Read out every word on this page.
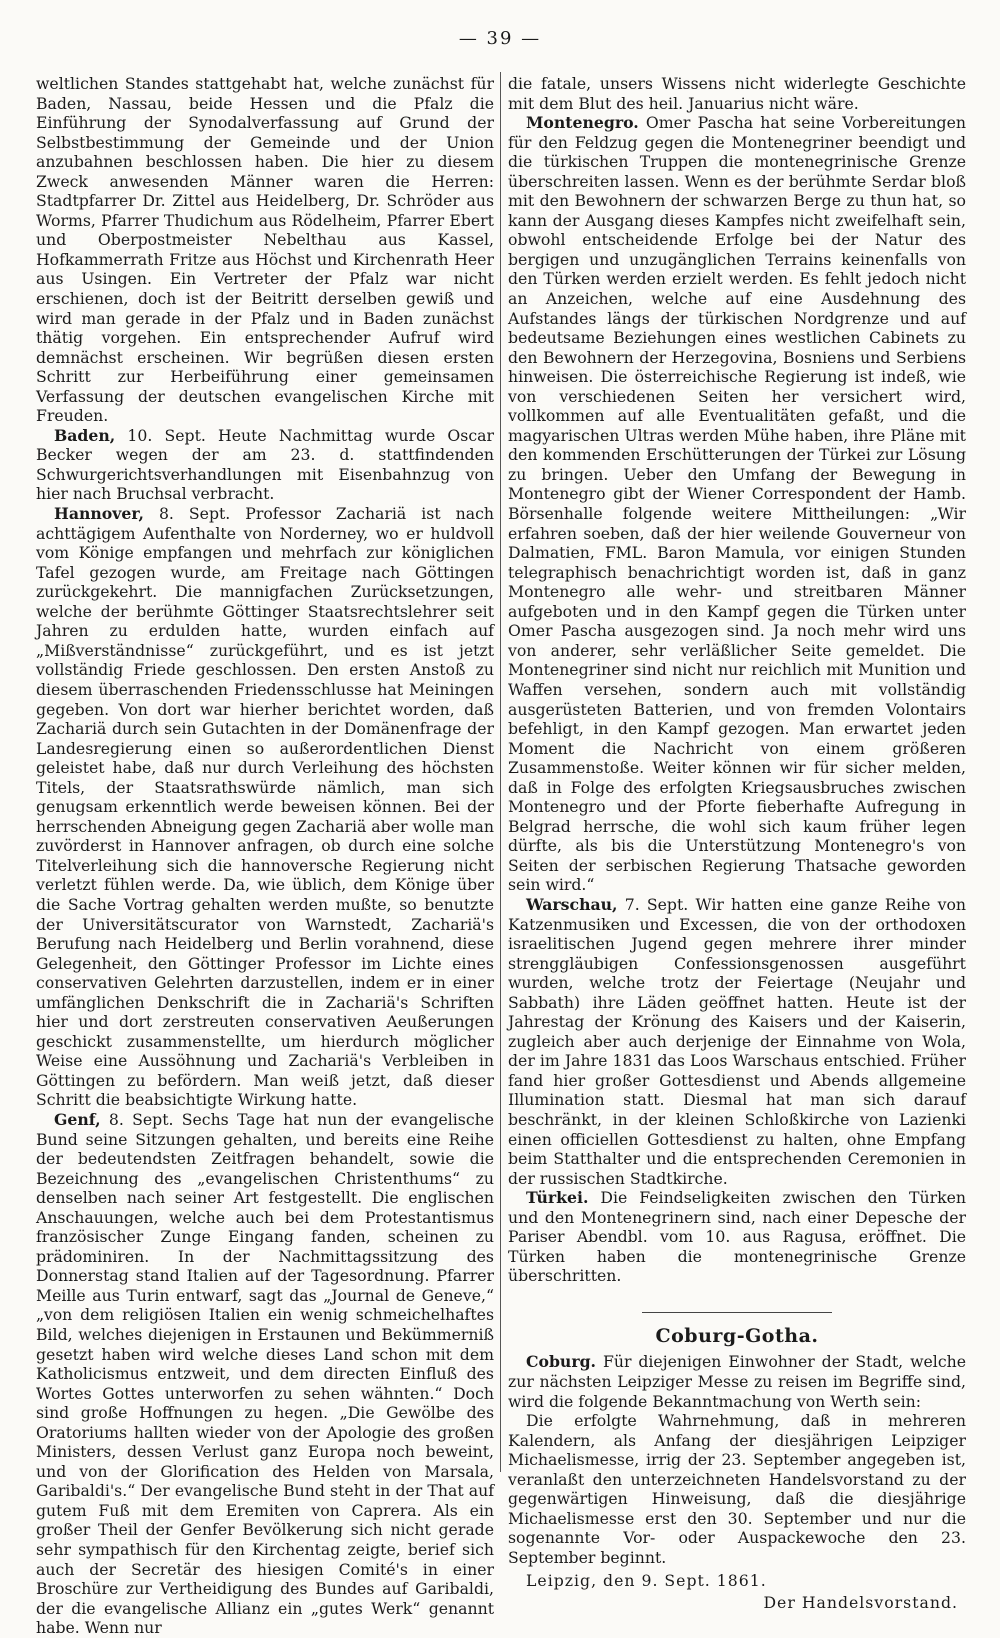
— 39 —

weltlichen Standes stattgehabt hat, welche zunächst für Baden, Nassau, beide Hessen und die Pfalz die Einführung der Synodalverfassung auf Grund der Selbstbestimmung der Gemeinde und der Union anzubahnen beschlossen haben. Die hier zu diesem Zweck anwesenden Männer waren die Herren: Stadtpfarrer Dr. Zittel aus Heidelberg, Dr. Schröder aus Worms, Pfarrer Thudichum aus Rödelheim, Pfarrer Ebert und Oberpostmeister Nebelthau aus Kassel, Hofkammerrath Fritze aus Höchst und Kirchenrath Heer aus Usingen. Ein Vertreter der Pfalz war nicht erschienen, doch ist der Beitritt derselben gewiß und wird man gerade in der Pfalz und in Baden zunächst thätig vorgehen. Ein entsprechender Aufruf wird demnächst erscheinen. Wir begrüßen diesen ersten Schritt zur Herbeiführung einer gemeinsamen Verfassung der deutschen evangelischen Kirche mit Freuden.

Baden, 10. Sept. Heute Nachmittag wurde Oscar Becker wegen der am 23. d. stattfindenden Schwurgerichtsverhandlungen mit Eisenbahnzug von hier nach Bruchsal verbracht.

Hannover, 8. Sept. Professor Zachariä ist nach achttägigem Aufenthalte von Norderney, wo er huldvoll vom Könige empfangen und mehrfach zur königlichen Tafel gezogen wurde, am Freitage nach Göttingen zurückgekehrt. Die mannigfachen Zurücksetzungen, welche der berühmte Göttinger Staatsrechtslehrer seit Jahren zu erdulden hatte, wurden einfach auf „Mißverständnisse“ zurückgeführt, und es ist jetzt vollständig Friede geschlossen. Den ersten Anstoß zu diesem überraschenden Friedensschlusse hat Meiningen gegeben. Von dort war hierher berichtet worden, daß Zachariä durch sein Gutachten in der Domänenfrage der Landesregierung einen so außerordentlichen Dienst geleistet habe, daß nur durch Verleihung des höchsten Titels, der Staatsrathswürde nämlich, man sich genugsam erkenntlich werde beweisen können. Bei der herrschenden Abneigung gegen Zachariä aber wolle man zuvörderst in Hannover anfragen, ob durch eine solche Titelverleihung sich die hannoversche Regierung nicht verletzt fühlen werde. Da, wie üblich, dem Könige über die Sache Vortrag gehalten werden mußte, so benutzte der Universitätscurator von Warnstedt, Zachariä's Berufung nach Heidelberg und Berlin vorahnend, diese Gelegenheit, den Göttinger Professor im Lichte eines conservativen Gelehrten darzustellen, indem er in einer umfänglichen Denkschrift die in Zachariä's Schriften hier und dort zerstreuten conservativen Aeußerungen geschickt zusammenstellte, um hierdurch möglicher Weise eine Aussöhnung und Zachariä's Verbleiben in Göttingen zu befördern. Man weiß jetzt, daß dieser Schritt die beabsichtigte Wirkung hatte.

Genf, 8. Sept. Sechs Tage hat nun der evangelische Bund seine Sitzungen gehalten, und bereits eine Reihe der bedeutendsten Zeitfragen behandelt, sowie die Bezeichnung des „evangelischen Christenthums“ zu denselben nach seiner Art festgestellt. Die englischen Anschauungen, welche auch bei dem Protestantismus französischer Zunge Eingang fanden, scheinen zu prädominiren. In der Nachmittagssitzung des Donnerstag stand Italien auf der Tagesordnung. Pfarrer Meille aus Turin entwarf, sagt das „Journal de Geneve,“ „von dem religiösen Italien ein wenig schmeichelhaftes Bild, welches diejenigen in Erstaunen und Bekümmerniß gesetzt haben wird welche dieses Land schon mit dem Katholicismus entzweit, und dem directen Einfluß des Wortes Gottes unterworfen zu sehen wähnten.“ Doch sind große Hoffnungen zu hegen. „Die Gewölbe des Oratoriums hallten wieder von der Apologie des großen Ministers, dessen Verlust ganz Europa noch beweint, und von der Glorification des Helden von Marsala, Garibaldi's.“ Der evangelische Bund steht in der That auf gutem Fuß mit dem Eremiten von Caprera. Als ein großer Theil der Genfer Bevölkerung sich nicht gerade sehr sympathisch für den Kirchentag zeigte, berief sich auch der Secretär des hiesigen Comité's in einer Broschüre zur Vertheidigung des Bundes auf Garibaldi, der die evangelische Allianz ein „gutes Werk“ genannt habe. Wenn nur

die fatale, unsers Wissens nicht widerlegte Geschichte mit dem Blut des heil. Januarius nicht wäre.

Montenegro. Omer Pascha hat seine Vorbereitungen für den Feldzug gegen die Montenegriner beendigt und die türkischen Truppen die montenegrinische Grenze überschreiten lassen. Wenn es der berühmte Serdar bloß mit den Bewohnern der schwarzen Berge zu thun hat, so kann der Ausgang dieses Kampfes nicht zweifelhaft sein, obwohl entscheidende Erfolge bei der Natur des bergigen und unzugänglichen Terrains keinenfalls von den Türken werden erzielt werden. Es fehlt jedoch nicht an Anzeichen, welche auf eine Ausdehnung des Aufstandes längs der türkischen Nordgrenze und auf bedeutsame Beziehungen eines westlichen Cabinets zu den Bewohnern der Herzegovina, Bosniens und Serbiens hinweisen. Die österreichische Regierung ist indeß, wie von verschiedenen Seiten her versichert wird, vollkommen auf alle Eventualitäten gefaßt, und die magyarischen Ultras werden Mühe haben, ihre Pläne mit den kommenden Erschütterungen der Türkei zur Lösung zu bringen. Ueber den Umfang der Bewegung in Montenegro gibt der Wiener Correspondent der Hamb. Börsenhalle folgende weitere Mittheilungen: „Wir erfahren soeben, daß der hier weilende Gouverneur von Dalmatien, FML. Baron Mamula, vor einigen Stunden telegraphisch benachrichtigt worden ist, daß in ganz Montenegro alle wehr- und streitbaren Männer aufgeboten und in den Kampf gegen die Türken unter Omer Pascha ausgezogen sind. Ja noch mehr wird uns von anderer, sehr verläßlicher Seite gemeldet. Die Montenegriner sind nicht nur reichlich mit Munition und Waffen versehen, sondern auch mit vollständig ausgerüsteten Batterien, und von fremden Volontairs befehligt, in den Kampf gezogen. Man erwartet jeden Moment die Nachricht von einem größeren Zusammenstoße. Weiter können wir für sicher melden, daß in Folge des erfolgten Kriegsausbruches zwischen Montenegro und der Pforte fieberhafte Aufregung in Belgrad herrsche, die wohl sich kaum früher legen dürfte, als bis die Unterstützung Montenegro's von Seiten der serbischen Regierung Thatsache geworden sein wird.“

Warschau, 7. Sept. Wir hatten eine ganze Reihe von Katzenmusiken und Excessen, die von der orthodoxen israelitischen Jugend gegen mehrere ihrer minder strenggläubigen Confessionsgenossen ausgeführt wurden, welche trotz der Feiertage (Neujahr und Sabbath) ihre Läden geöffnet hatten. Heute ist der Jahrestag der Krönung des Kaisers und der Kaiserin, zugleich aber auch derjenige der Einnahme von Wola, der im Jahre 1831 das Loos Warschaus entschied. Früher fand hier großer Gottesdienst und Abends allgemeine Illumination statt. Diesmal hat man sich darauf beschränkt, in der kleinen Schloßkirche von Lazienki einen officiellen Gottesdienst zu halten, ohne Empfang beim Statthalter und die entsprechenden Ceremonien in der russischen Stadtkirche.

Türkei. Die Feindseligkeiten zwischen den Türken und den Montenegrinern sind, nach einer Depesche der Pariser Abendbl. vom 10. aus Ragusa, eröffnet. Die Türken haben die montenegrinische Grenze überschritten.

Coburg-Gotha.

Coburg. Für diejenigen Einwohner der Stadt, welche zur nächsten Leipziger Messe zu reisen im Begriffe sind, wird die folgende Bekanntmachung von Werth sein:

Die erfolgte Wahrnehmung, daß in mehreren Kalendern, als Anfang der diesjährigen Leipziger Michaelismesse, irrig der 23. September angegeben ist, veranlaßt den unterzeichneten Handelsvorstand zu der gegenwärtigen Hinweisung, daß die diesjährige Michaelismesse erst den 30. September und nur die sogenannte Vor- oder Auspackewoche den 23. September beginnt.

Leipzig, den 9. Sept. 1861.
Der Handelsvorstand.
